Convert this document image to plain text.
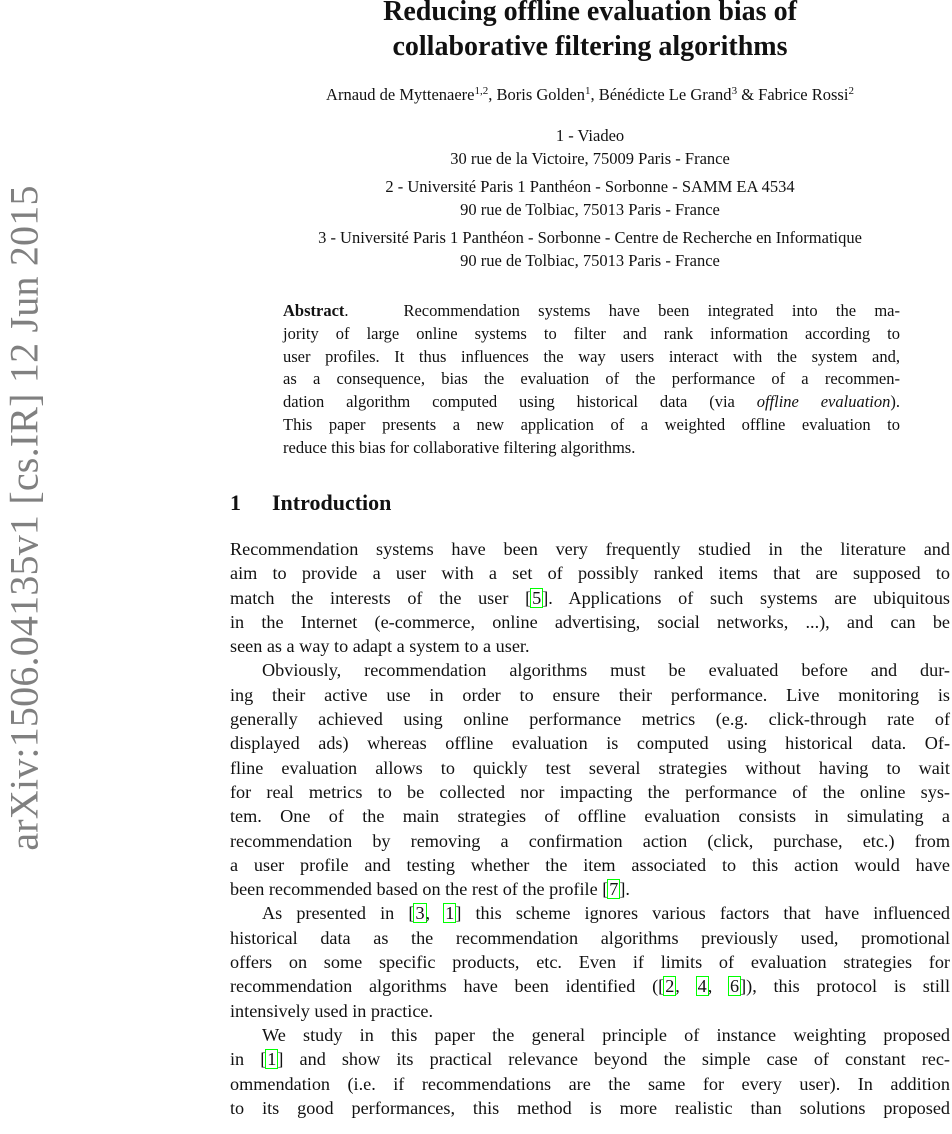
arXiv:1506.04135v1 [cs.IR] 12 Jun 2015
Reducing offline evaluation bias of
collaborative filtering algorithms
Arnaud de Myttenaere$^{1,2}$, Boris Golden$^1$, Bénédicte Le Grand$^3$ & Fabrice Rossi$^2$
1 - Viadeo
30 rue de la Victoire, 75009 Paris - France
2 - Université Paris 1 Panthéon - Sorbonne - SAMM EA 4534
90 rue de Tolbiac, 75013 Paris - France
3 - Université Paris 1 Panthéon - Sorbonne - Centre de Recherche en Informatique
90 rue de Tolbiac, 75013 Paris - France
Abstract.	Recommendation systems have been integrated into the ma-
jority of large online systems to filter and rank information according to
user profiles. It thus influences the way users interact with the system and,
as a consequence, bias the evaluation of the performance of a recommen-
dation algorithm computed using historical data (via offline evaluation).
This paper presents a new application of a weighted offline evaluation to
reduce this bias for collaborative filtering algorithms.
1 Introduction

Recommendation systems have been very frequently studied in the literature and
aim to provide a user with a set of possibly ranked items that are supposed to
match the interests of the user [5]. Applications of such systems are ubiquitous
in the Internet (e-commerce, online advertising, social networks, ...), and can be
seen as a way to adapt a system to a user.

Obviously, recommendation algorithms must be evaluated before and dur-
ing their active use in order to ensure their performance. Live monitoring is
generally achieved using online performance metrics (e.g. click-through rate of
displayed ads) whereas offline evaluation is computed using historical data. Of-
fline evaluation allows to quickly test several strategies without having to wait
for real metrics to be collected nor impacting the performance of the online sys-
tem. One of the main strategies of offline evaluation consists in simulating a
recommendation by removing a confirmation action (click, purchase, etc.) from
a user profile and testing whether the item associated to this action would have
been recommended based on the rest of the profile [7].

As presented in [3, 1] this scheme ignores various factors that have influenced
historical data as the recommendation algorithms previously used, promotional
offers on some specific products, etc. Even if limits of evaluation strategies for
recommendation algorithms have been identified ([2, 4, 6]), this protocol is still
intensively used in practice.

We study in this paper the general principle of instance weighting proposed
in [1] and show its practical relevance beyond the simple case of constant rec-
ommendation (i.e. if recommendations are the same for every user). In addition
to its good performances, this method is more realistic than solutions proposed
